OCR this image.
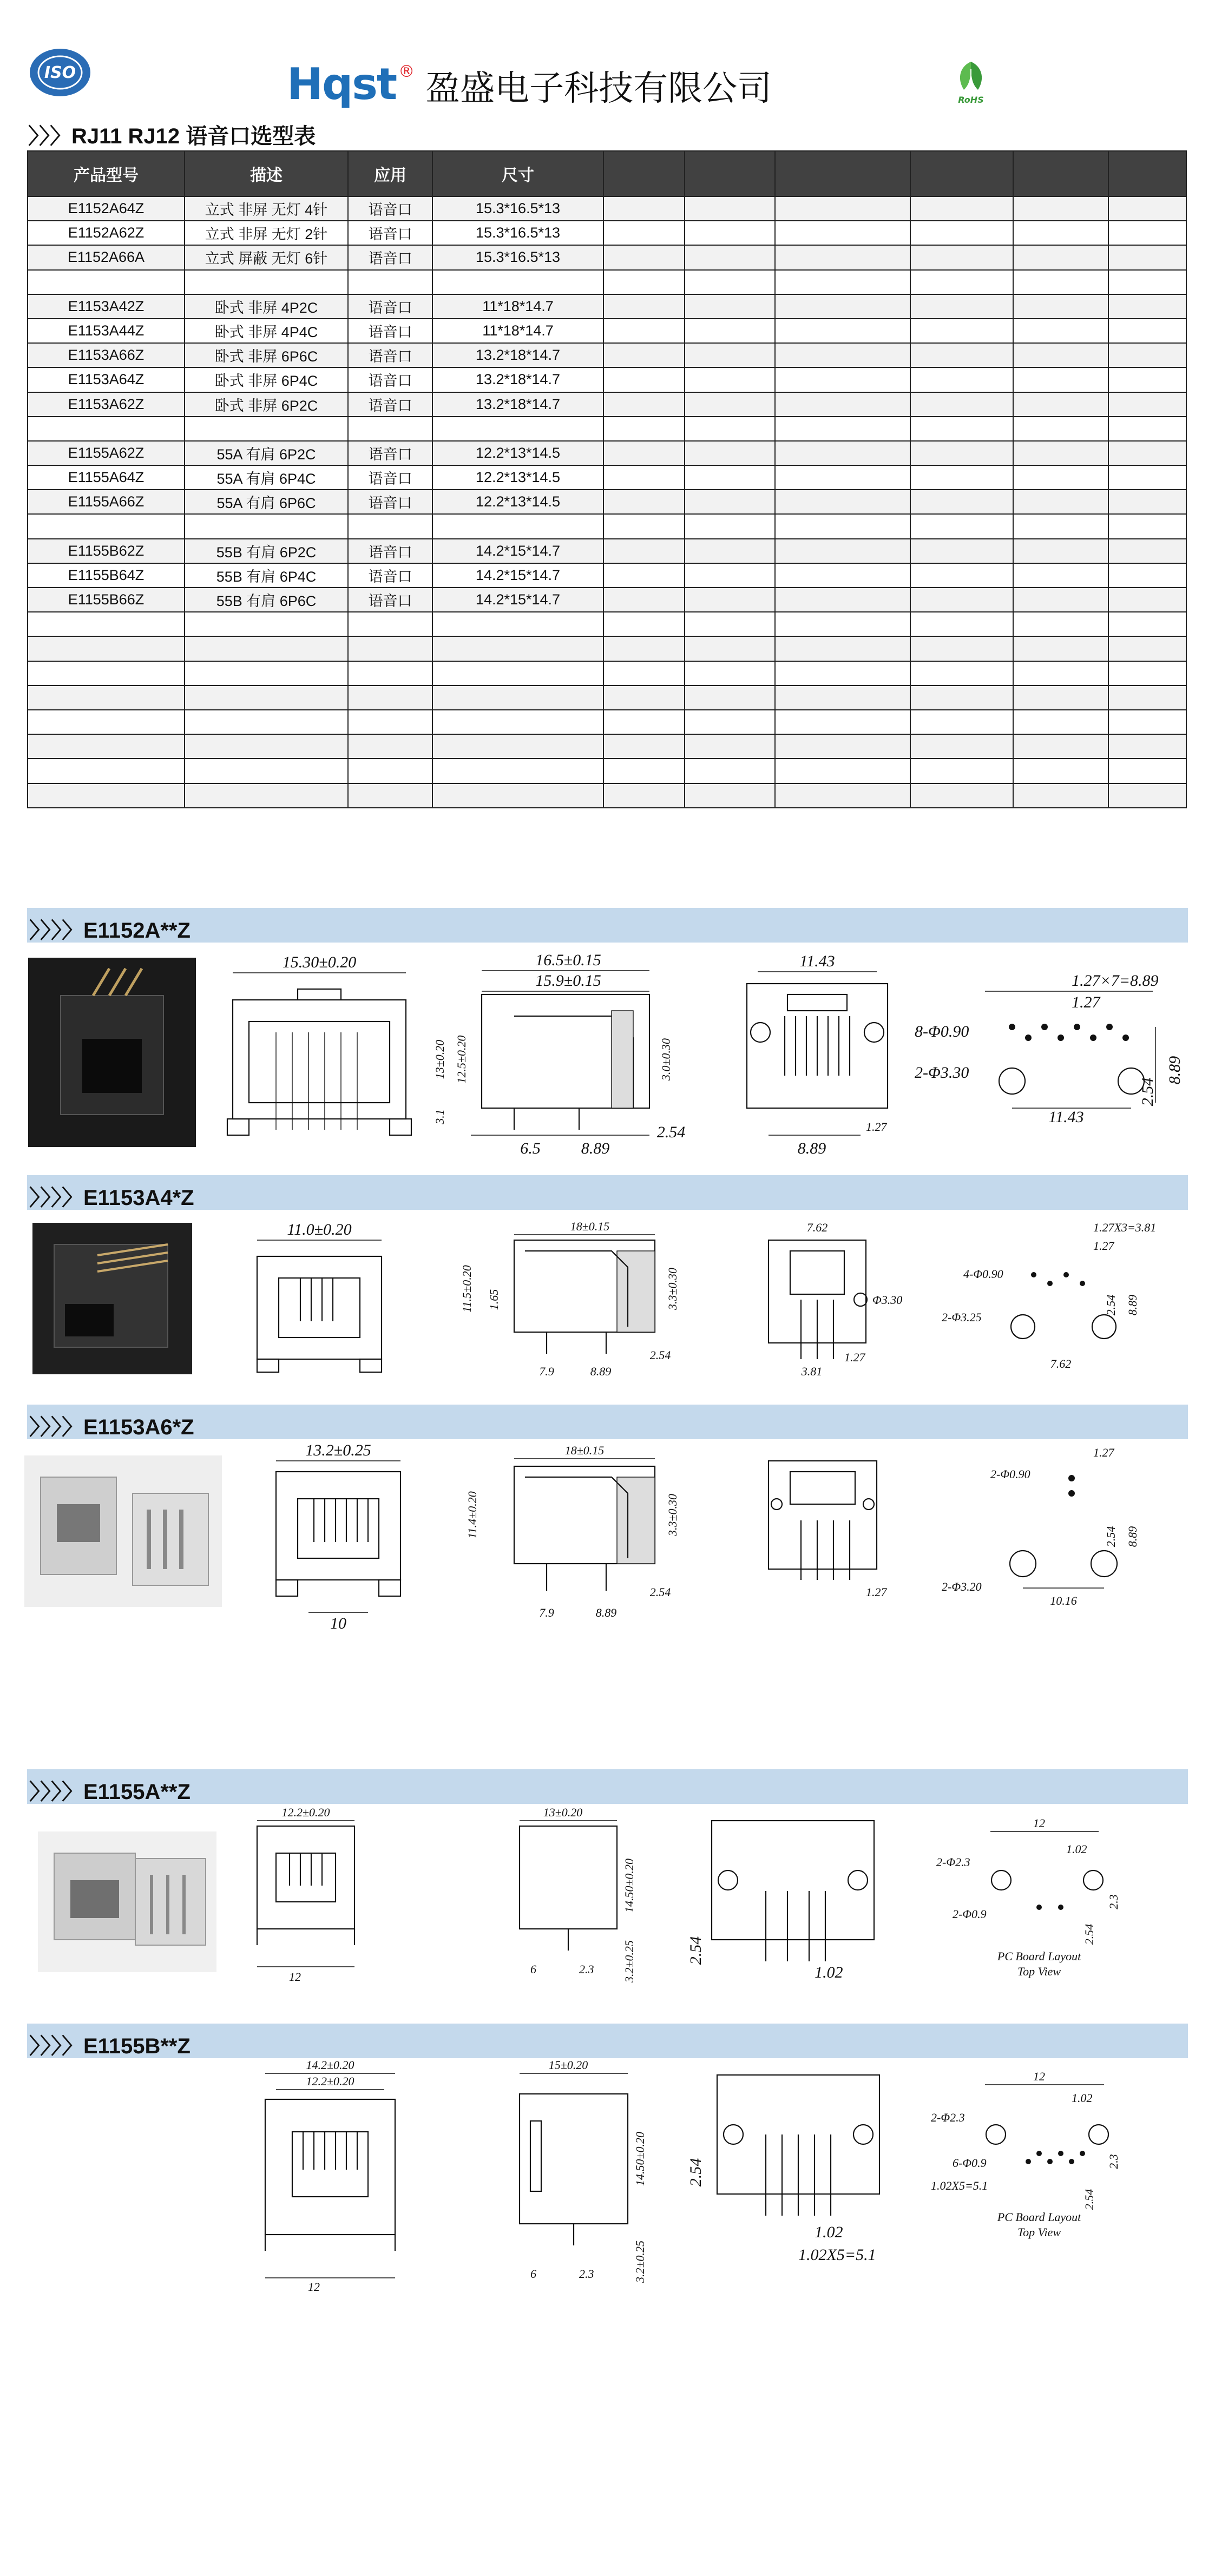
ISO	Hqst ® 盈盛电子科技有限公司	RoHS
〉〉〉RJ11 RJ12 语音口选型表
产品型号	描述	应用	尺寸						
E1152A64Z	立式 非屏 无灯 4针	语音口	15.3*16.5*13						
E1152A62Z	立式 非屏 无灯 2针	语音口	15.3*16.5*13						
E1152A66A	立式 屏蔽 无灯 6针	语音口	15.3*16.5*13						

E1153A42Z	卧式 非屏 4P2C	语音口	11*18*14.7						
E1153A44Z	卧式 非屏 4P4C	语音口	11*18*14.7						
E1153A66Z	卧式 非屏 6P6C	语音口	13.2*18*14.7						
E1153A64Z	卧式 非屏 6P4C	语音口	13.2*18*14.7						
E1153A62Z	卧式 非屏 6P2C	语音口	13.2*18*14.7						

E1155A62Z	55A 有肩 6P2C	语音口	12.2*13*14.5						
E1155A64Z	55A 有肩 6P4C	语音口	12.2*13*14.5						
E1155A66Z	55A 有肩 6P6C	语音口	12.2*13*14.5						

E1155B62Z	55B 有肩 6P2C	语音口	14.2*15*14.7						
E1155B64Z	55B 有肩 6P4C	语音口	14.2*15*14.7						
E1155B66Z	55B 有肩 6P6C	语音口	14.2*15*14.7						

〉〉〉〉E1152A**Z
15.30±0.20	16.5±0.15
15.9±0.15
13±0.20 12.5±0.20	3.0±0.30
3.1
6.5	8.89
2.54
11.43
1.27
8.89
1.27×7=8.89
1.27
8-Φ0.90
2-Φ3.30
2.54
8.89
11.43
〉〉〉〉E1153A4*Z
11.0±0.20	18±0.15
11.5±0.20 1.65	3.3±0.30
7.9	8.89
2.54
7.62
Φ3.30
3.81
1.27
1.27X3=3.81
1.27
4-Φ0.90
2-Φ3.25
2.54 8.89
7.62
〉〉〉〉E1153A6*Z
13.2±0.25
10
18±0.15
11.4±0.20	3.3±0.30
7.9	8.89
2.54	1.27
1.27
2-Φ0.90
2-Φ3.20
2.54 8.89
10.16
〉〉〉〉E1155A**Z
12.2±0.20
12
13±0.20
14.50±0.20
6	2.3 3.2±0.25	2.54
1.02
12
1.02
2-Φ2.3
2-Φ0.9
2.54
2.3
PC Board Layout
Top View
〉〉〉〉E1155B**Z
14.2±0.20
12.2±0.20
12
15±0.20
14.50±0.20
6	2.3	3.2±0.25
2.54
1.02
1.02X5=5.1
12
1.02
2-Φ2.3
6-Φ0.9
1.02X5=5.1
2.54
2.3
PC Board Layout
Top View
